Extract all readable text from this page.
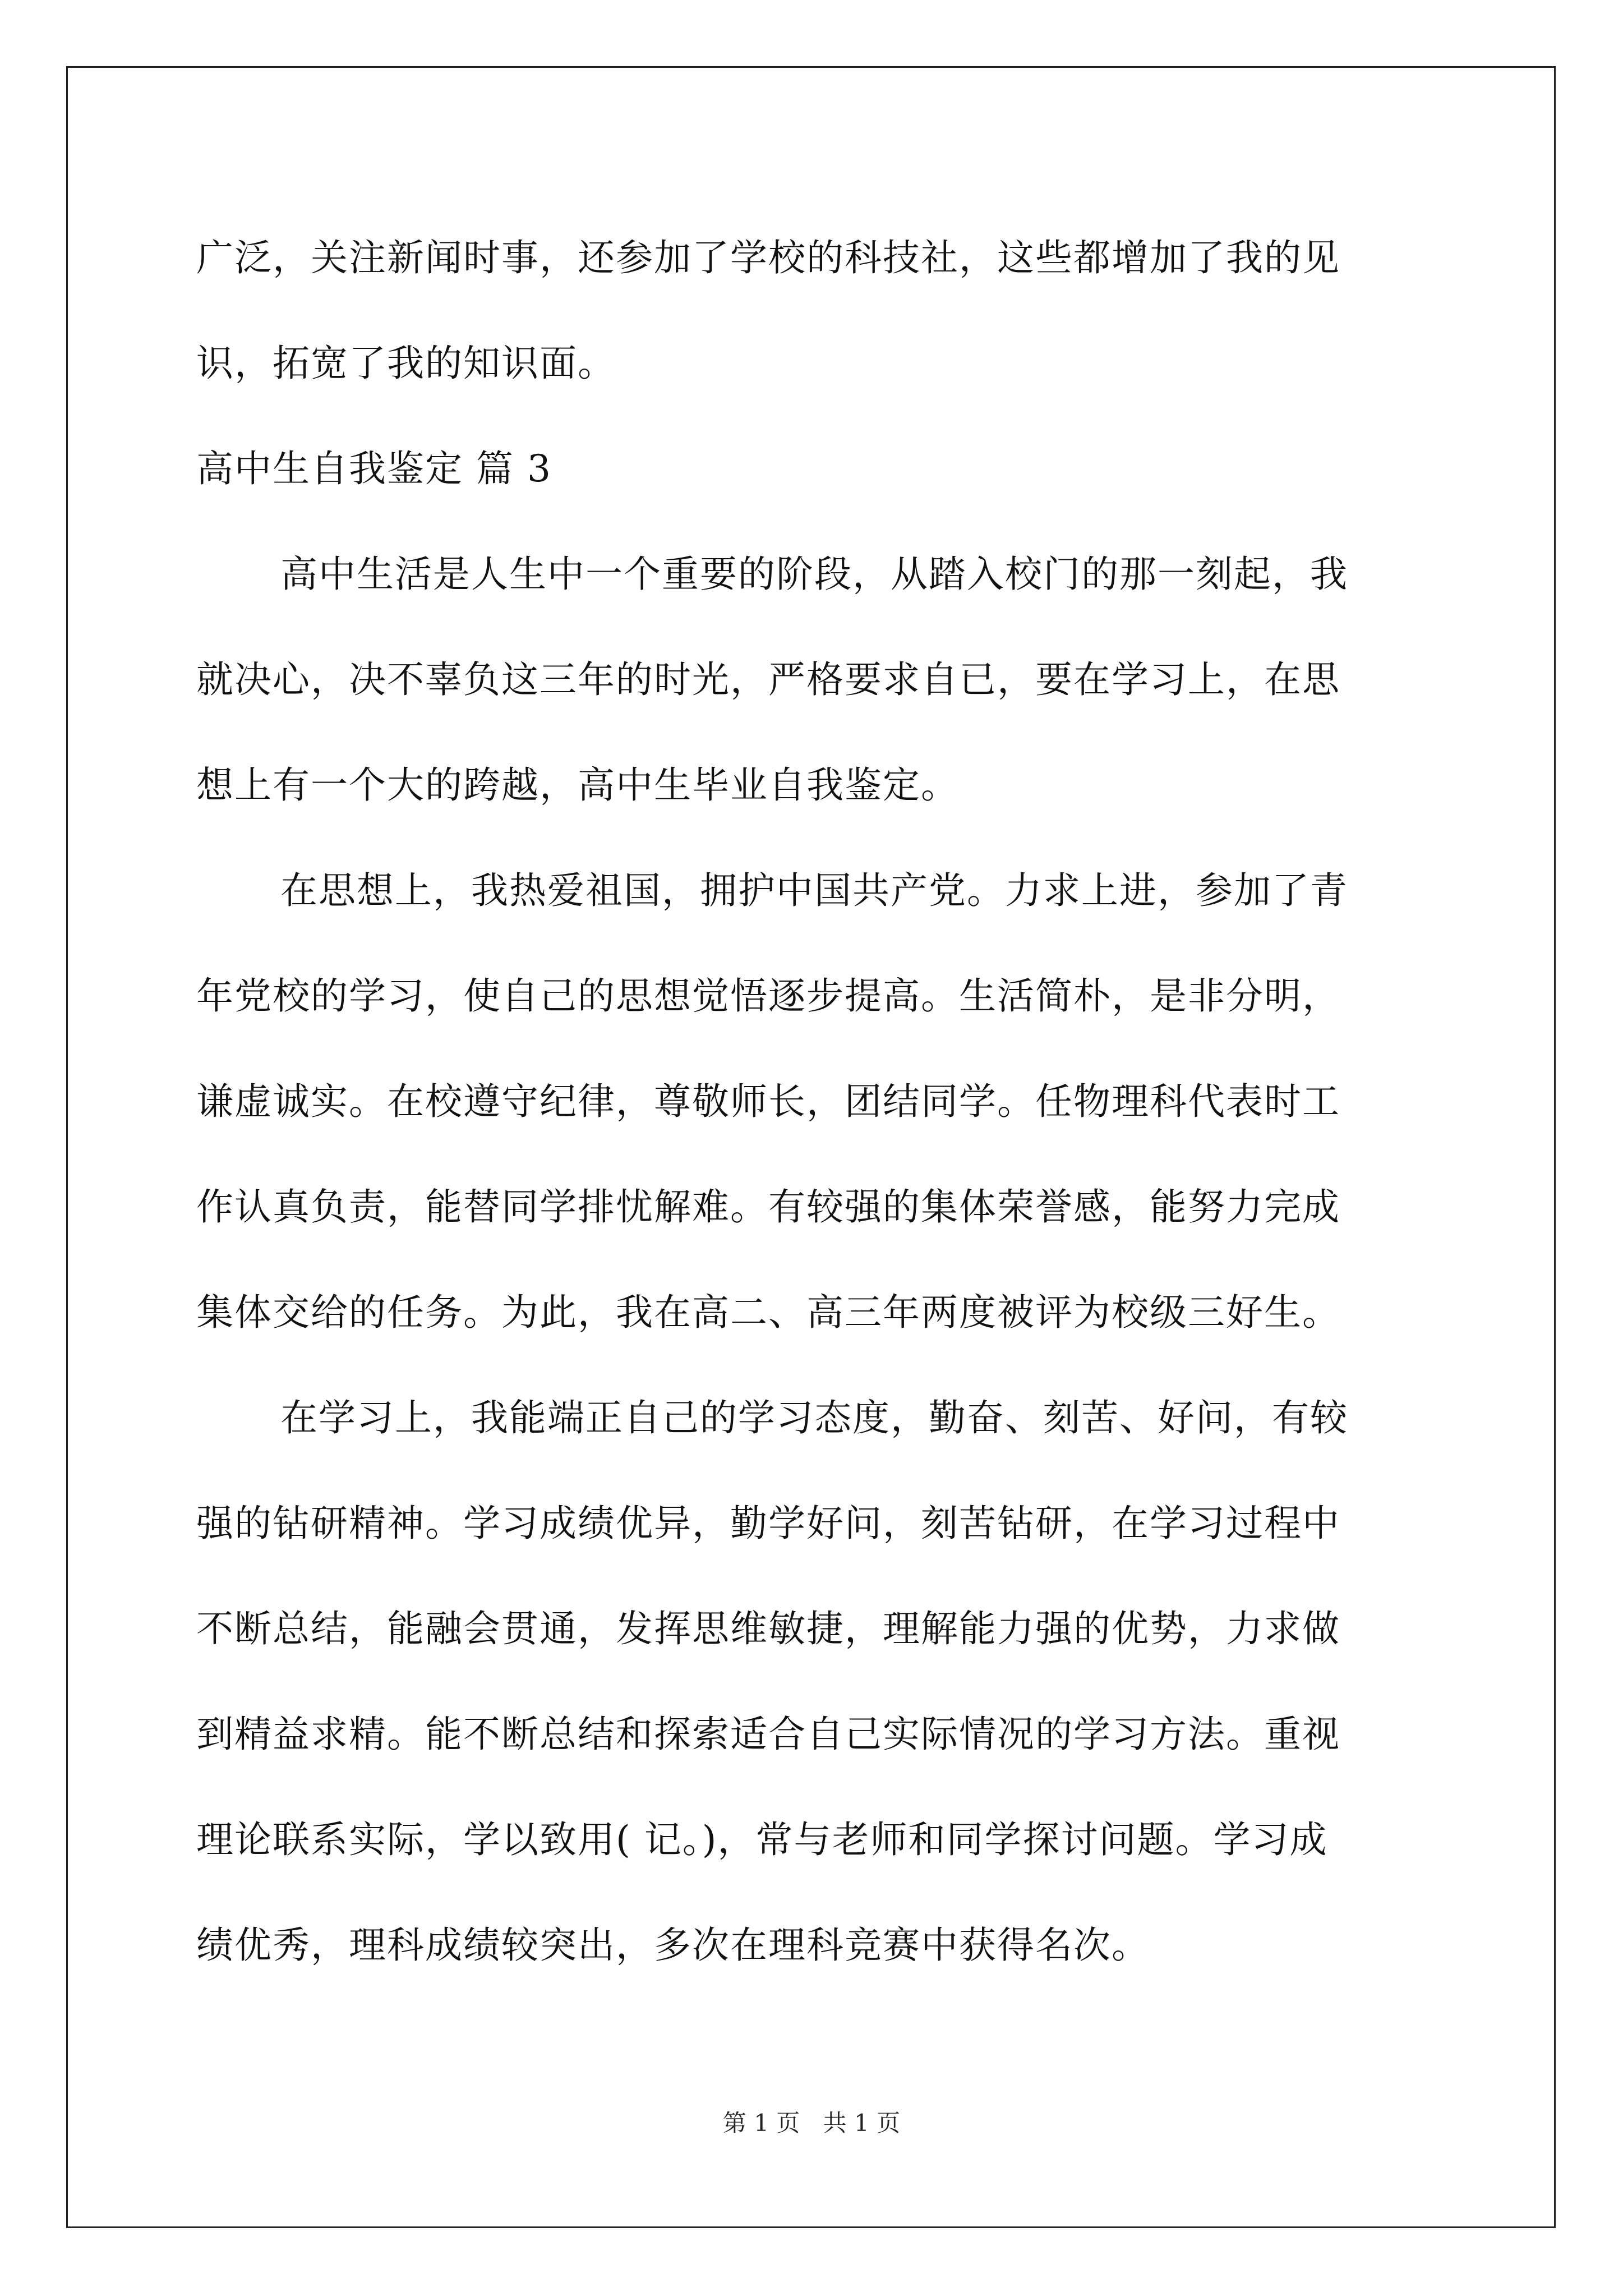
广泛，关注新闻时事，还参加了学校的科技社，这些都增加了我的见
识，拓宽了我的知识面。
高中生自我鉴定 篇 3
高中生活是人生中一个重要的阶段，从踏入校门的那一刻起，我
就决心，决不辜负这三年的时光，严格要求自已，要在学习上，在思
想上有一个大的跨越，高中生毕业自我鉴定。
在思想上，我热爱祖国，拥护中国共产党。力求上进，参加了青
年党校的学习，使自己的思想觉悟逐步提高。生活简朴，是非分明，
谦虚诚实。在校遵守纪律，尊敬师长，团结同学。任物理科代表时工
作认真负责，能替同学排忧解难。有较强的集体荣誉感，能努力完成
集体交给的任务。为此，我在高二、高三年两度被评为校级三好生。
在学习上，我能端正自己的学习态度，勤奋、刻苦、好问，有较
强的钻研精神。学习成绩优异，勤学好问，刻苦钻研，在学习过程中
不断总结，能融会贯通，发挥思维敏捷，理解能力强的优势，力求做
到精益求精。能不断总结和探索适合自己实际情况的学习方法。重视
理论联系实际，学以致用( 记。)，常与老师和同学探讨问题。学习成
绩优秀，理科成绩较突出，多次在理科竞赛中获得名次。
第 1 页 共 1 页
